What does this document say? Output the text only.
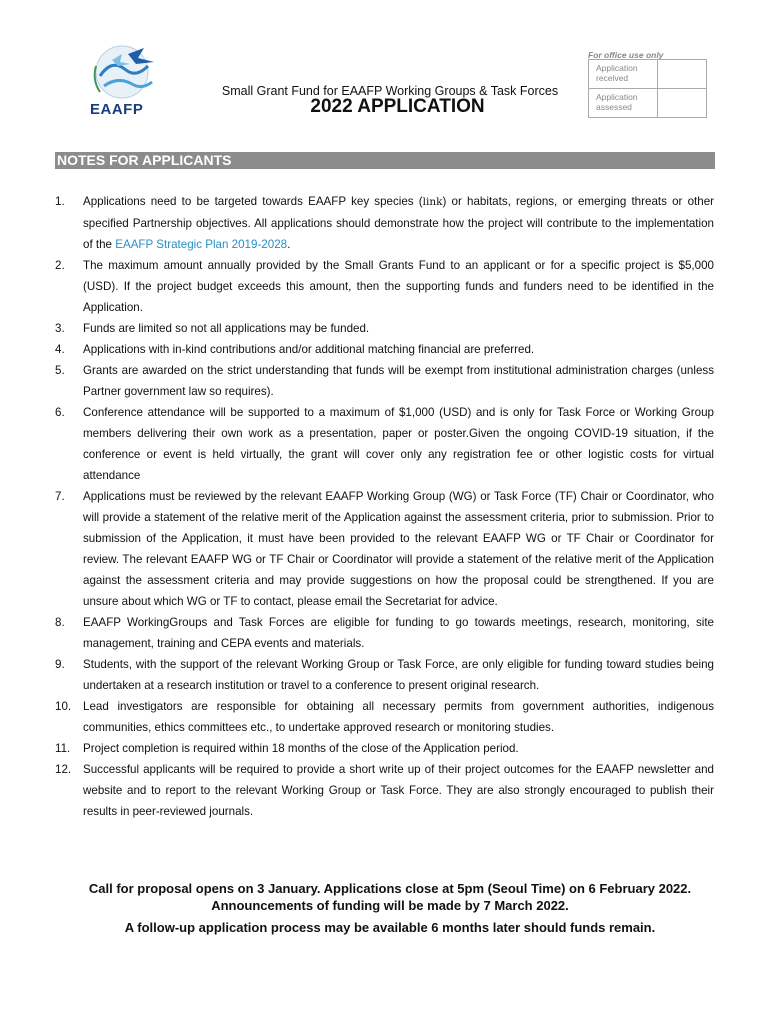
EAAFP
Small Grant Fund for EAAFP Working Groups & Task Forces
2022 APPLICATION
For office use only
Application received	
Application assessed	
NOTES FOR APPLICANTS
1. Applications need to be targeted towards EAAFP key species (link) or habitats, regions, or emerging threats or other specified Partnership objectives. All applications should demonstrate how the project will contribute to the implementation of the EAAFP Strategic Plan 2019-2028.
2. The maximum amount annually provided by the Small Grants Fund to an applicant or for a specific project is $5,000 (USD). If the project budget exceeds this amount, then the supporting funds and funders need to be identified in the Application.
3. Funds are limited so not all applications may be funded.
4. Applications with in-kind contributions and/or additional matching financial are preferred.
5. Grants are awarded on the strict understanding that funds will be exempt from institutional administration charges (unless Partner government law so requires).
6. Conference attendance will be supported to a maximum of $1,000 (USD) and is only for Task Force or Working Group members delivering their own work as a presentation, paper or poster.Given the ongoing COVID-19 situation, if the conference or event is held virtually, the grant will cover only any registration fee or other logistic costs for virtual attendance
7. Applications must be reviewed by the relevant EAAFP Working Group (WG) or Task Force (TF) Chair or Coordinator, who will provide a statement of the relative merit of the Application against the assessment criteria, prior to submission. Prior to submission of the Application, it must have been provided to the relevant EAAFP WG or TF Chair or Coordinator for review. The relevant EAAFP WG or TF Chair or Coordinator will provide a statement of the relative merit of the Application against the assessment criteria and may provide suggestions on how the proposal could be strengthened. If you are unsure about which WG or TF to contact, please email the Secretariat for advice.
8. EAAFP WorkingGroups and Task Forces are eligible for funding to go towards meetings, research, monitoring, site management, training and CEPA events and materials.
9. Students, with the support of the relevant Working Group or Task Force, are only eligible for funding toward studies being undertaken at a research institution or travel to a conference to present original research.
10. Lead investigators are responsible for obtaining all necessary permits from government authorities, indigenous communities, ethics committees etc., to undertake approved research or monitoring studies.
11. Project completion is required within 18 months of the close of the Application period.
12. Successful applicants will be required to provide a short write up of their project outcomes for the EAAFP newsletter and website and to report to the relevant Working Group or Task Force. They are also strongly encouraged to publish their results in peer-reviewed journals.

Call for proposal opens on 3 January. Applications close at 5pm (Seoul Time) on 6 February 2022.

Announcements of funding will be made by 7 March 2022.

A follow-up application process may be available 6 months later should funds remain.
